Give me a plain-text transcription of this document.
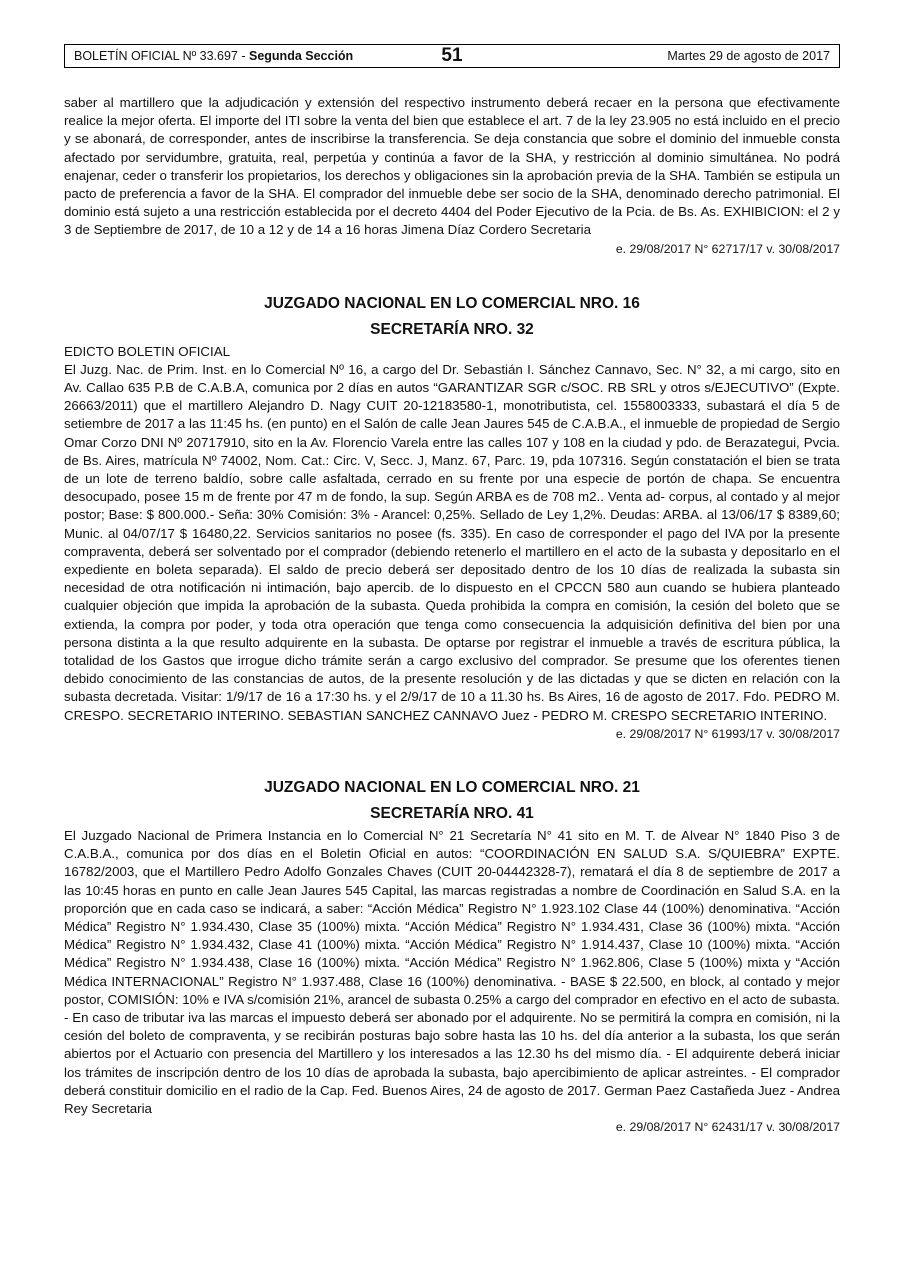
BOLETÍN OFICIAL Nº 33.697 - Segunda Sección	51	Martes 29 de agosto de 2017

saber al martillero que la adjudicación y extensión del respectivo instrumento deberá recaer en la persona que efectivamente realice la mejor oferta. El importe del ITI sobre la venta del bien que establece el art. 7 de la ley 23.905 no está incluido en el precio y se abonará, de corresponder, antes de inscribirse la transferencia. Se deja constancia que sobre el dominio del inmueble consta afectado por servidumbre, gratuita, real, perpetúa y continúa a favor de la SHA, y restricción al dominio simultánea. No podrá enajenar, ceder o transferir los propietarios, los derechos y obligaciones sin la aprobación previa de la SHA. También se estipula un pacto de preferencia a favor de la SHA. El comprador del inmueble debe ser socio de la SHA, denominado derecho patrimonial. El dominio está sujeto a una restricción establecida por el decreto 4404 del Poder Ejecutivo de la Pcia. de Bs. As. EXHIBICION: el 2 y 3 de Septiembre de 2017, de 10 a 12 y de 14 a 16 horas Jimena Díaz Cordero Secretaria

e. 29/08/2017 N° 62717/17 v. 30/08/2017

JUZGADO NACIONAL EN LO COMERCIAL NRO. 16
SECRETARÍA NRO. 32

EDICTO BOLETIN OFICIAL

El Juzg. Nac. de Prim. Inst. en lo Comercial Nº 16, a cargo del Dr. Sebastián I. Sánchez Cannavo, Sec. N° 32, a mi cargo, sito en Av. Callao 635 P.B de C.A.B.A, comunica por 2 días en autos “GARANTIZAR SGR c/SOC. RB SRL y otros s/EJECUTIVO” (Expte. 26663/2011) que el martillero Alejandro D. Nagy CUIT 20-12183580-1, monotributista, cel. 1558003333, subastará el día 5 de setiembre de 2017 a las 11:45 hs. (en punto) en el Salón de calle Jean Jaures 545 de C.A.B.A., el inmueble de propiedad de Sergio Omar Corzo DNI Nº 20717910, sito en la Av. Florencio Varela entre las calles 107 y 108 en la ciudad y pdo. de Berazategui, Pvcia. de Bs. Aires, matrícula Nº 74002, Nom. Cat.: Circ. V, Secc. J, Manz. 67, Parc. 19, pda 107316. Según constatación el bien se trata de un lote de terreno baldío, sobre calle asfaltada, cerrado en su frente por una especie de portón de chapa. Se encuentra desocupado, posee 15 m de frente por 47 m de fondo, la sup. Según ARBA es de 708 m2.. Venta ad- corpus, al contado y al mejor postor; Base: $ 800.000.- Seña: 30% Comisión: 3% - Arancel: 0,25%. Sellado de Ley 1,2%. Deudas: ARBA. al 13/06/17 $ 8389,60; Munic. al 04/07/17 $ 16480,22. Servicios sanitarios no posee (fs. 335). En caso de corresponder el pago del IVA por la presente compraventa, deberá ser solventado por el comprador (debiendo retenerlo el martillero en el acto de la subasta y depositarlo en el expediente en boleta separada). El saldo de precio deberá ser depositado dentro de los 10 días de realizada la subasta sin necesidad de otra notificación ni intimación, bajo apercib. de lo dispuesto en el CPCCN 580 aun cuando se hubiera planteado cualquier objeción que impida la aprobación de la subasta. Queda prohibida la compra en comisión, la cesión del boleto que se extienda, la compra por poder, y toda otra operación que tenga como consecuencia la adquisición definitiva del bien por una persona distinta a la que resulto adquirente en la subasta. De optarse por registrar el inmueble a través de escritura pública, la totalidad de los Gastos que irrogue dicho trámite serán a cargo exclusivo del comprador. Se presume que los oferentes tienen debido conocimiento de las constancias de autos, de la presente resolución y de las dictadas y que se dicten en relación con la subasta decretada. Visitar: 1/9/17 de 16 a 17:30 hs. y el 2/9/17 de 10 a 11.30 hs. Bs Aires, 16 de agosto de 2017. Fdo. PEDRO M. CRESPO. SECRETARIO INTERINO. SEBASTIAN SANCHEZ CANNAVO Juez - PEDRO M. CRESPO SECRETARIO INTERINO.

e. 29/08/2017 N° 61993/17 v. 30/08/2017

JUZGADO NACIONAL EN LO COMERCIAL NRO. 21
SECRETARÍA NRO. 41

El Juzgado Nacional de Primera Instancia en lo Comercial N° 21 Secretaría N° 41 sito en M. T. de Alvear N° 1840 Piso 3 de C.A.B.A., comunica por dos días en el Boletin Oficial en autos: “COORDINACIÓN EN SALUD S.A. S/QUIEBRA” EXPTE. 16782/2003, que el Martillero Pedro Adolfo Gonzales Chaves (CUIT 20-04442328-7), rematará el día 8 de septiembre de 2017 a las 10:45 horas en punto en calle Jean Jaures 545 Capital, las marcas registradas a nombre de Coordinación en Salud S.A. en la proporción que en cada caso se indicará, a saber: “Acción Médica” Registro N° 1.923.102 Clase 44 (100%) denominativa. “Acción Médica” Registro N° 1.934.430, Clase 35 (100%) mixta. “Acción Médica” Registro N° 1.934.431, Clase 36 (100%) mixta. “Acción Médica” Registro N° 1.934.432, Clase 41 (100%) mixta. “Acción Médica” Registro N° 1.914.437, Clase 10 (100%) mixta. “Acción Médica” Registro N° 1.934.438, Clase 16 (100%) mixta. “Acción Médica” Registro N° 1.962.806, Clase 5 (100%) mixta y “Acción Médica INTERNACIONAL” Registro N° 1.937.488, Clase 16 (100%) denominativa. - BASE $ 22.500, en block, al contado y mejor postor, COMISIÓN: 10% e IVA s/comisión 21%, arancel de subasta 0.25% a cargo del comprador en efectivo en el acto de subasta. - En caso de tributar iva las marcas el impuesto deberá ser abonado por el adquirente. No se permitirá la compra en comisión, ni la cesión del boleto de compraventa, y se recibirán posturas bajo sobre hasta las 10 hs. del día anterior a la subasta, los que serán abiertos por el Actuario con presencia del Martillero y los interesados a las 12.30 hs del mismo día. - El adquirente deberá iniciar los trámites de inscripción dentro de los 10 días de aprobada la subasta, bajo apercibimiento de aplicar astreintes. - El comprador deberá constituir domicilio en el radio de la Cap. Fed. Buenos Aires, 24 de agosto de 2017. German Paez Castañeda Juez - Andrea Rey Secretaria

e. 29/08/2017 N° 62431/17 v. 30/08/2017
